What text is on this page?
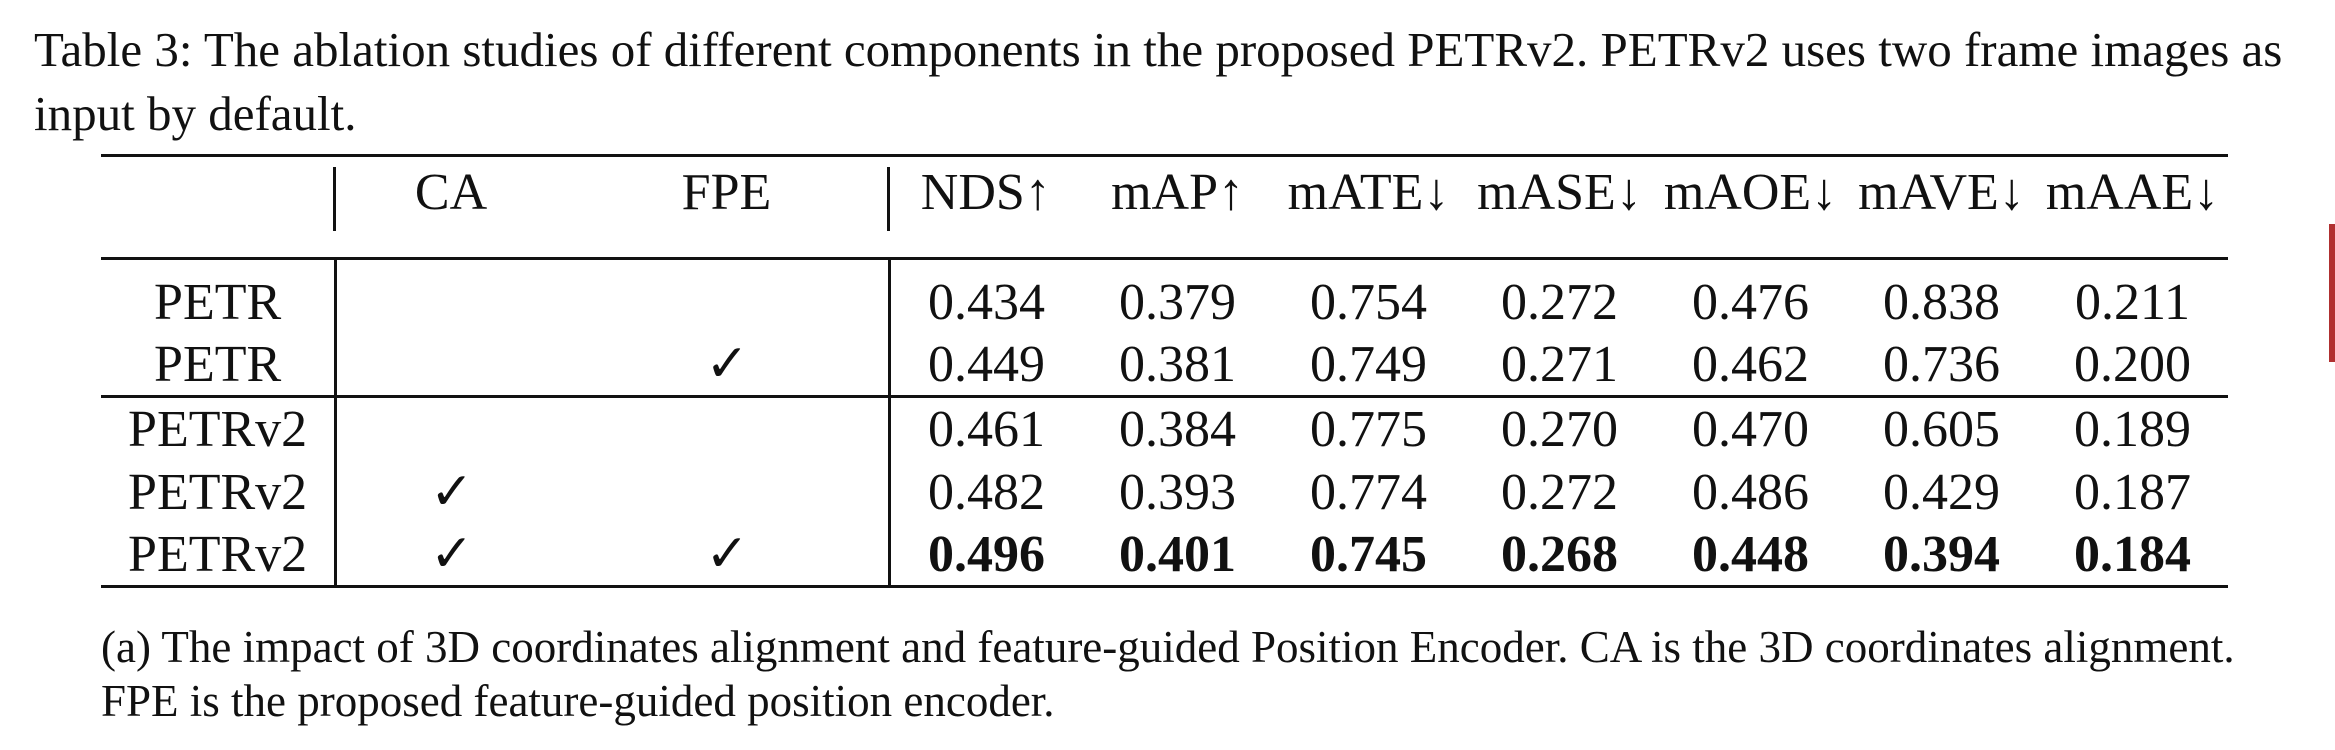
Table 3: The ablation studies of different components in the proposed PETRv2. PETRv2 uses two frame images as input by default.
	CA	FPE	NDS↑	mAP↑	mATE↓	mASE↓	mAOE↓	mAVE↓	mAAE↓
PETR			0.434	0.379	0.754	0.272	0.476	0.838	0.211
PETR		✓	0.449	0.381	0.749	0.271	0.462	0.736	0.200
PETRv2			0.461	0.384	0.775	0.270	0.470	0.605	0.189
PETRv2	✓		0.482	0.393	0.774	0.272	0.486	0.429	0.187
PETRv2	✓	✓	0.496	0.401	0.745	0.268	0.448	0.394	0.184
(a) The impact of 3D coordinates alignment and feature-guided Position Encoder. CA is the 3D coordinates alignment. FPE is the proposed feature-guided position encoder.
